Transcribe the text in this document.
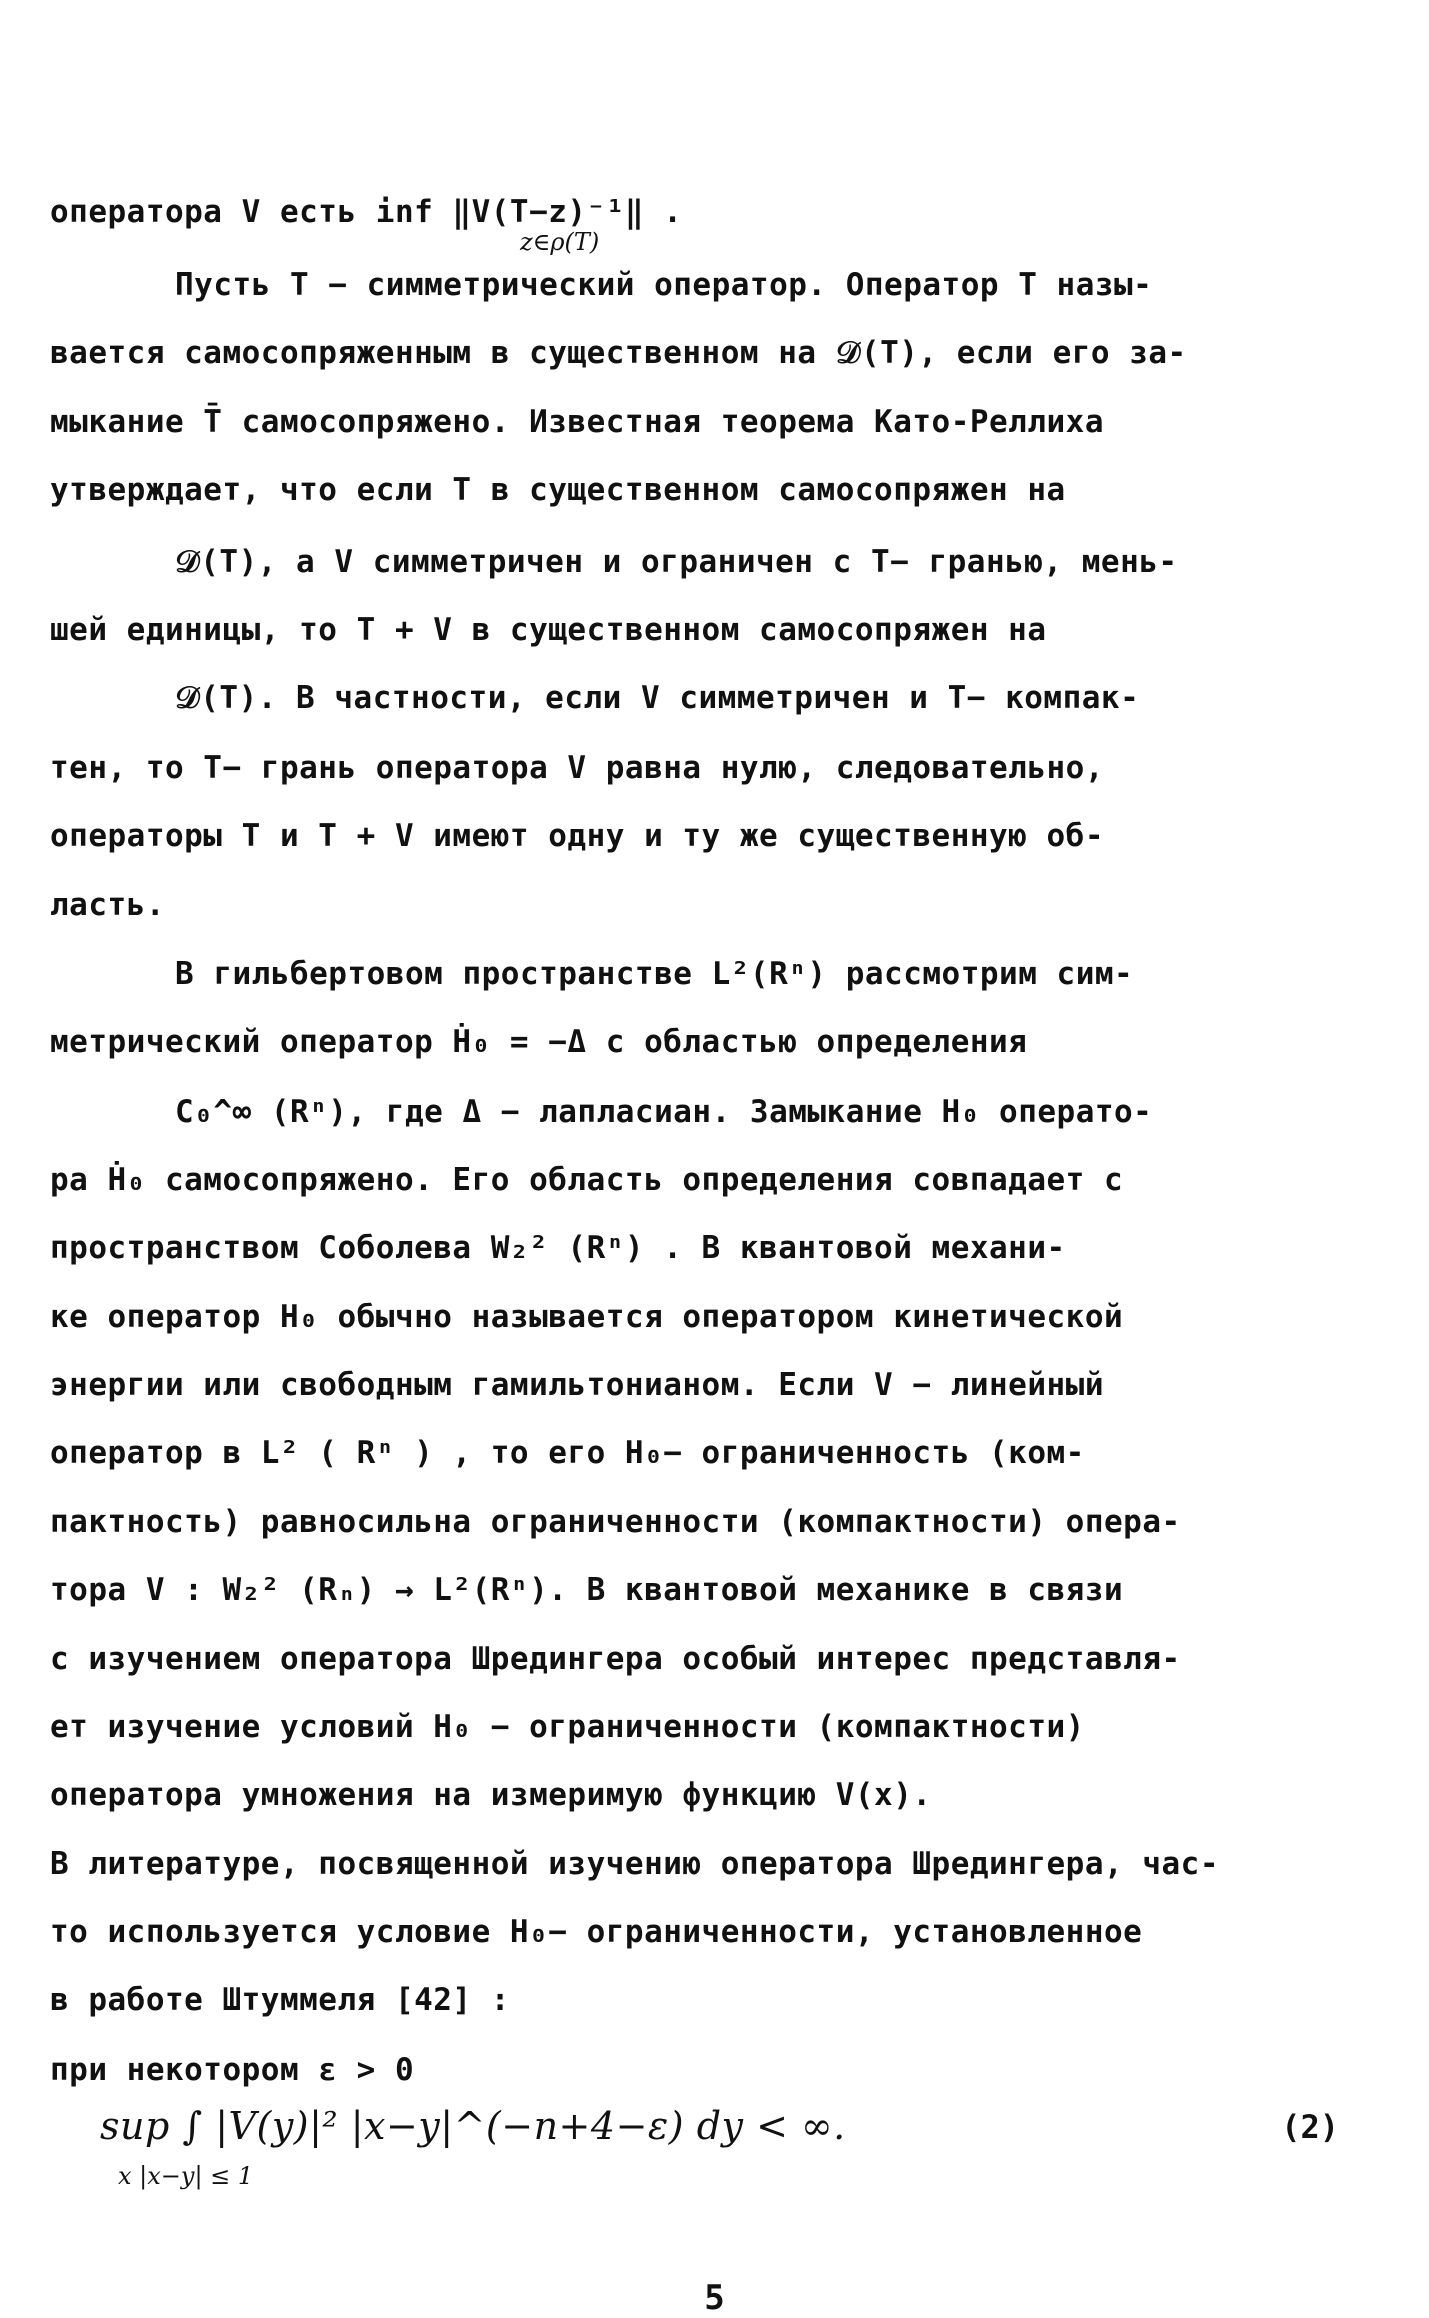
оператора V есть inf ‖V(T−z)⁻¹‖ .
z∈ρ(T)
Пусть T − симметрический оператор. Оператор T назы-
вается самосопряженным в существенном на 𝒟(T), если его за-
мыкание T̄ самосопряжено. Известная теорема Като-Реллиха
утверждает, что если T в существенном самосопряжен на
𝒟(T), а V симметричен и ограничен с T− гранью, мень-
шей единицы, то T + V в существенном самосопряжен на
𝒟(T). В частности, если V симметричен и T− компак-
тен, то T− грань оператора V равна нулю, следовательно,
операторы T и T + V имеют одну и ту же существенную об-
ласть.
В гильбертовом пространстве L²(Rⁿ) рассмотрим сим-
метрический оператор Ḣ₀ = −Δ с областью определения
C₀^∞ (Rⁿ), где Δ − лапласиан. Замыкание H₀ операто-
ра Ḣ₀ самосопряжено. Его область определения совпадает с
пространством Соболева W₂² (Rⁿ) . В квантовой механи-
ке оператор H₀ обычно называется оператором кинетической
энергии или свободным гамильтонианом. Если V − линейный
оператор в L² ( Rⁿ ) , то его H₀− ограниченность (ком-
пактность) равносильна ограниченности (компактности) опера-
тора V : W₂² (Rₙ) → L²(Rⁿ). В квантовой механике в связи
с изучением оператора Шредингера особый интерес представля-
ет изучение условий H₀ − ограниченности (компактности)
оператора умножения на измеримую функцию V(x).
В литературе, посвященной изучению оператора Шредингера, час-
то используется условие H₀− ограниченности, установленное
в работе Штуммеля [42] :
при некотором ε > 0
sup ∫ |V(y)|² |x−y|^(−n+4−ε) dy < ∞.
x |x−y| ≤ 1
(2)
5
